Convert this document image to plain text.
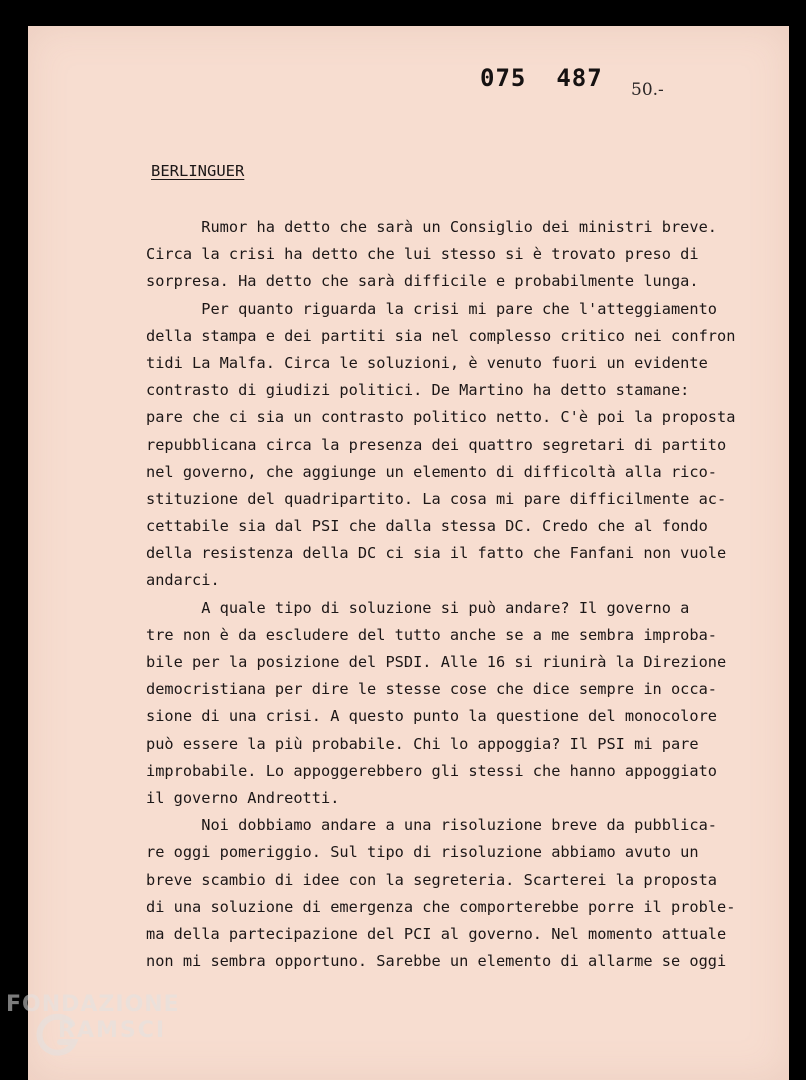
075 487 50.-
BERLINGUER
Rumor ha detto che sarà un Consiglio dei ministri breve.
Circa la crisi ha detto che lui stesso si è trovato preso di
sorpresa. Ha detto che sarà difficile e probabilmente lunga.
Per quanto riguarda la crisi mi pare che l'atteggiamento
della stampa e dei partiti sia nel complesso critico nei confron
tidi La Malfa. Circa le soluzioni, è venuto fuori un evidente
contrasto di giudizi politici. De Martino ha detto stamane:
pare che ci sia un contrasto politico netto. C'è poi la proposta
repubblicana circa la presenza dei quattro segretari di partito
nel governo, che aggiunge un elemento di difficoltà alla rico-
stituzione del quadripartito. La cosa mi pare difficilmente ac-
cettabile sia dal PSI che dalla stessa DC. Credo che al fondo
della resistenza della DC ci sia il fatto che Fanfani non vuole
andarci.
A quale tipo di soluzione si può andare? Il governo a
tre non è da escludere del tutto anche se a me sembra improba-
bile per la posizione del PSDI. Alle 16 si riunirà la Direzione
democristiana per dire le stesse cose che dice sempre in occa-
sione di una crisi. A questo punto la questione del monocolore
può essere la più probabile. Chi lo appoggia? Il PSI mi pare
improbabile. Lo appoggerebbero gli stessi che hanno appoggiato
il governo Andreotti.
Noi dobbiamo andare a una risoluzione breve da pubblica-
re oggi pomeriggio. Sul tipo di risoluzione abbiamo avuto un
breve scambio di idee con la segreteria. Scarterei la proposta
di una soluzione di emergenza che comporterebbe porre il proble-
ma della partecipazione del PCI al governo. Nel momento attuale
non mi sembra opportuno. Sarebbe un elemento di allarme se oggi
FONDAZIONE
RAMSCI
